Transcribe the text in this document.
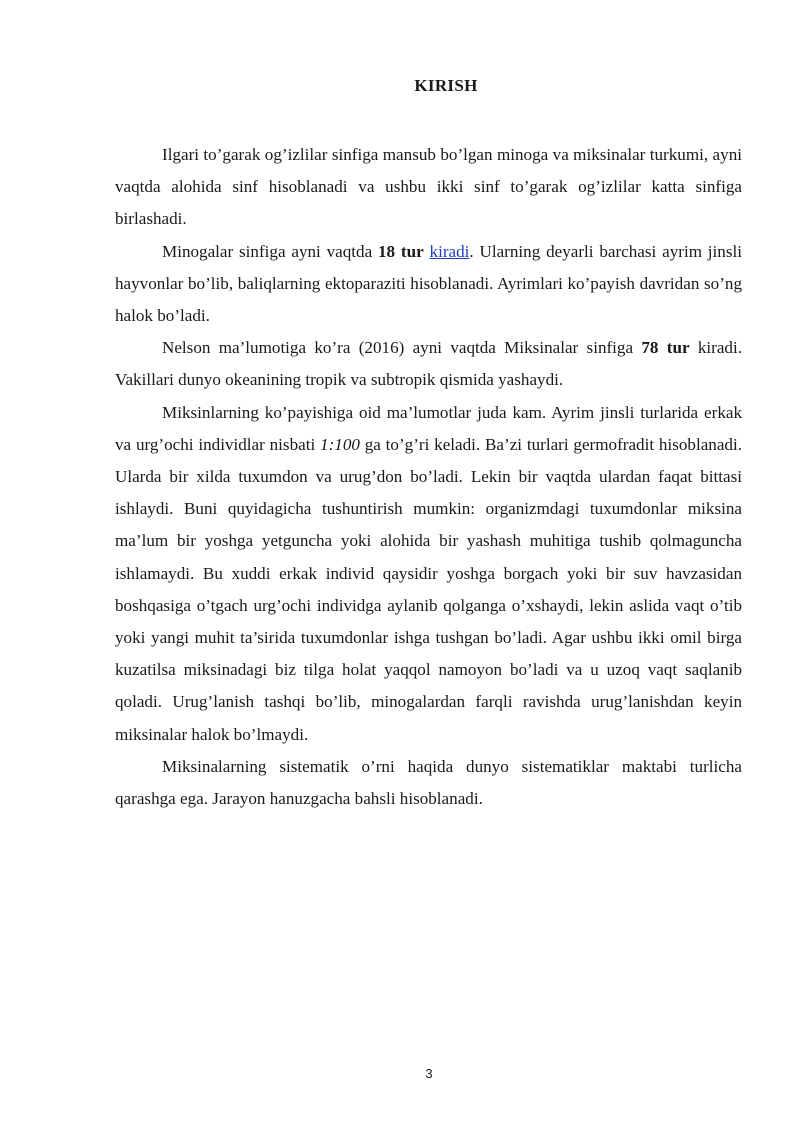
KIRISH

Ilgari to’garak og’izlilar sinfiga mansub bo’lgan minoga va miksinalar turkumi, ayni vaqtda alohida sinf hisoblanadi va ushbu ikki sinf to’garak og’izlilar katta sinfiga birlashadi.

Minogalar sinfiga ayni vaqtda 18 tur kiradi. Ularning deyarli barchasi ayrim jinsli hayvonlar bo’lib, baliqlarning ektoparaziti hisoblanadi. Ayrimlari ko’payish davridan so’ng halok bo’ladi.

Nelson ma’lumotiga ko’ra (2016) ayni vaqtda Miksinalar sinfiga 78 tur kiradi. Vakillari dunyo okeanining tropik va subtropik qismida yashaydi.

Miksinlarning ko’payishiga oid ma’lumotlar juda kam. Ayrim jinsli turlarida erkak va urg’ochi individlar nisbati 1:100 ga to’g’ri keladi. Ba’zi turlari germofradit hisoblanadi. Ularda bir xilda tuxumdon va urug’don bo’ladi. Lekin bir vaqtda ulardan faqat bittasi ishlaydi. Buni quyidagicha tushuntirish mumkin: organizmdagi tuxumdonlar miksina ma’lum bir yoshga yetguncha yoki alohida bir yashash muhitiga tushib qolmaguncha ishlamaydi. Bu xuddi erkak individ qaysidir yoshga borgach yoki bir suv havzasidan boshqasiga o’tgach urg’ochi individga aylanib qolganga o’xshaydi, lekin aslida vaqt o’tib yoki yangi muhit ta’sirida tuxumdonlar ishga tushgan bo’ladi. Agar ushbu ikki omil birga kuzatilsa miksinadagi biz tilga holat yaqqol namoyon bo’ladi va u uzoq vaqt saqlanib qoladi. Urug’lanish tashqi bo’lib, minogalardan farqli ravishda urug’lanishdan keyin miksinalar halok bo’lmaydi.

Miksinalarning sistematik o’rni haqida dunyo sistematiklar maktabi turlicha qarashga ega. Jarayon hanuzgacha bahsli hisoblanadi.

3
